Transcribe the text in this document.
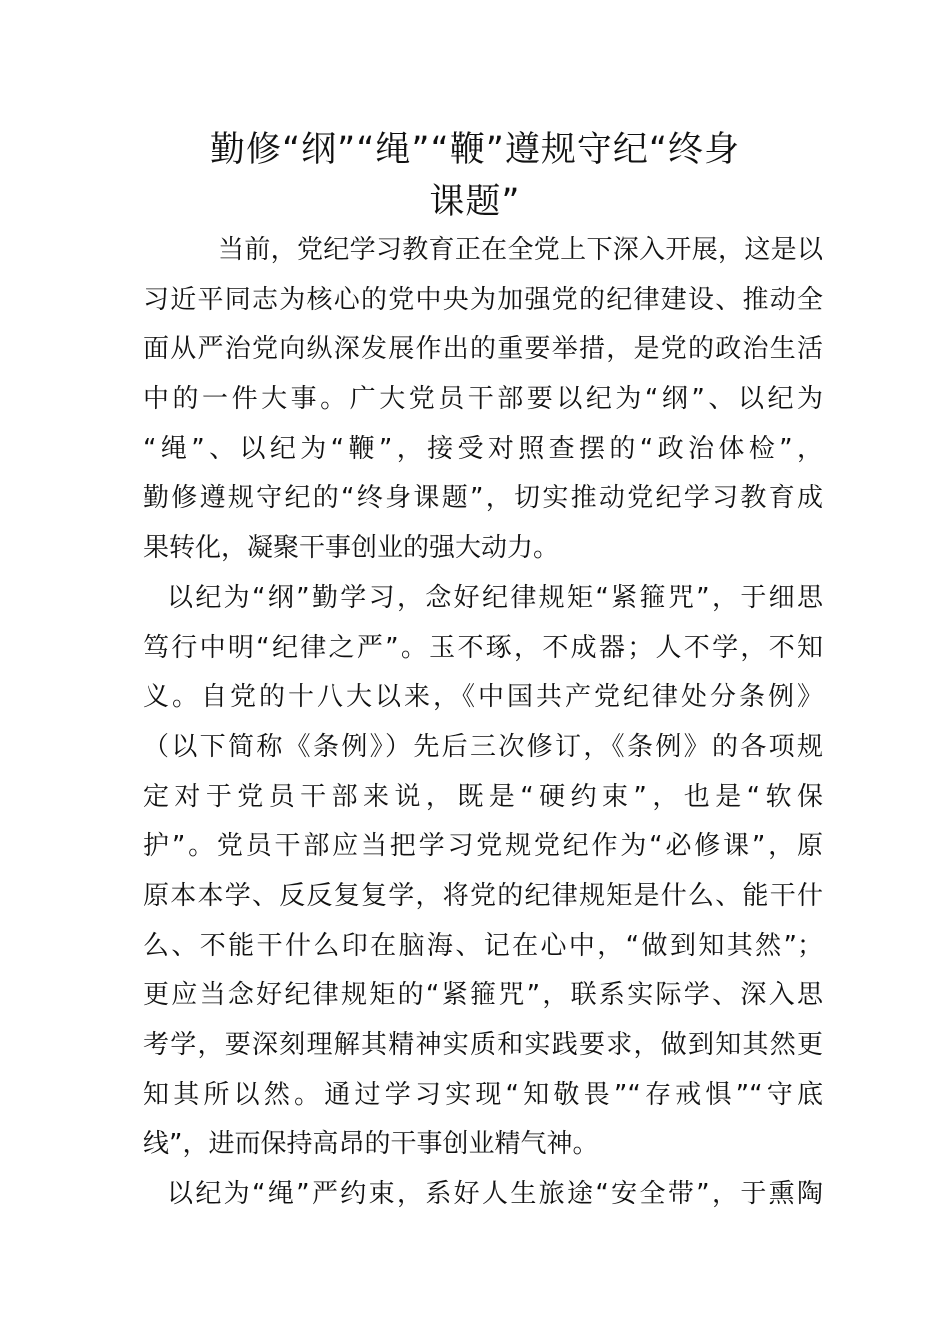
勤修“纲”“绳”“鞭”遵规守纪“终身
课题”

当前，党纪学习教育正在全党上下深入开展，这是以
习近平同志为核心的党中央为加强党的纪律建设、推动全
面从严治党向纵深发展作出的重要举措，是党的政治生活
中的一件大事。广大党员干部要以纪为“纲”、以纪为
“绳”、以纪为“鞭”，接受对照查摆的“政治体检”，
勤修遵规守纪的“终身课题”，切实推动党纪学习教育成
果转化，凝聚干事创业的强大动力。

以纪为“纲”勤学习，念好纪律规矩“紧箍咒”，于细思
笃行中明“纪律之严”。玉不琢，不成器；人不学，不知
义。自党的十八大以来，《中国共产党纪律处分条例》
（以下简称《条例》）先后三次修订，《条例》的各项规
定对于党员干部来说，既是“硬约束”，也是“软保
护”。党员干部应当把学习党规党纪作为“必修课”，原
原本本学、反反复复学，将党的纪律规矩是什么、能干什
么、不能干什么印在脑海、记在心中，“做到知其然”；
更应当念好纪律规矩的“紧箍咒”，联系实际学、深入思
考学，要深刻理解其精神实质和实践要求，做到知其然更
知其所以然。通过学习实现“知敬畏”“存戒惧”“守底
线”，进而保持高昂的干事创业精气神。

以纪为“绳”严约束，系好人生旅途“安全带”，于熏陶
